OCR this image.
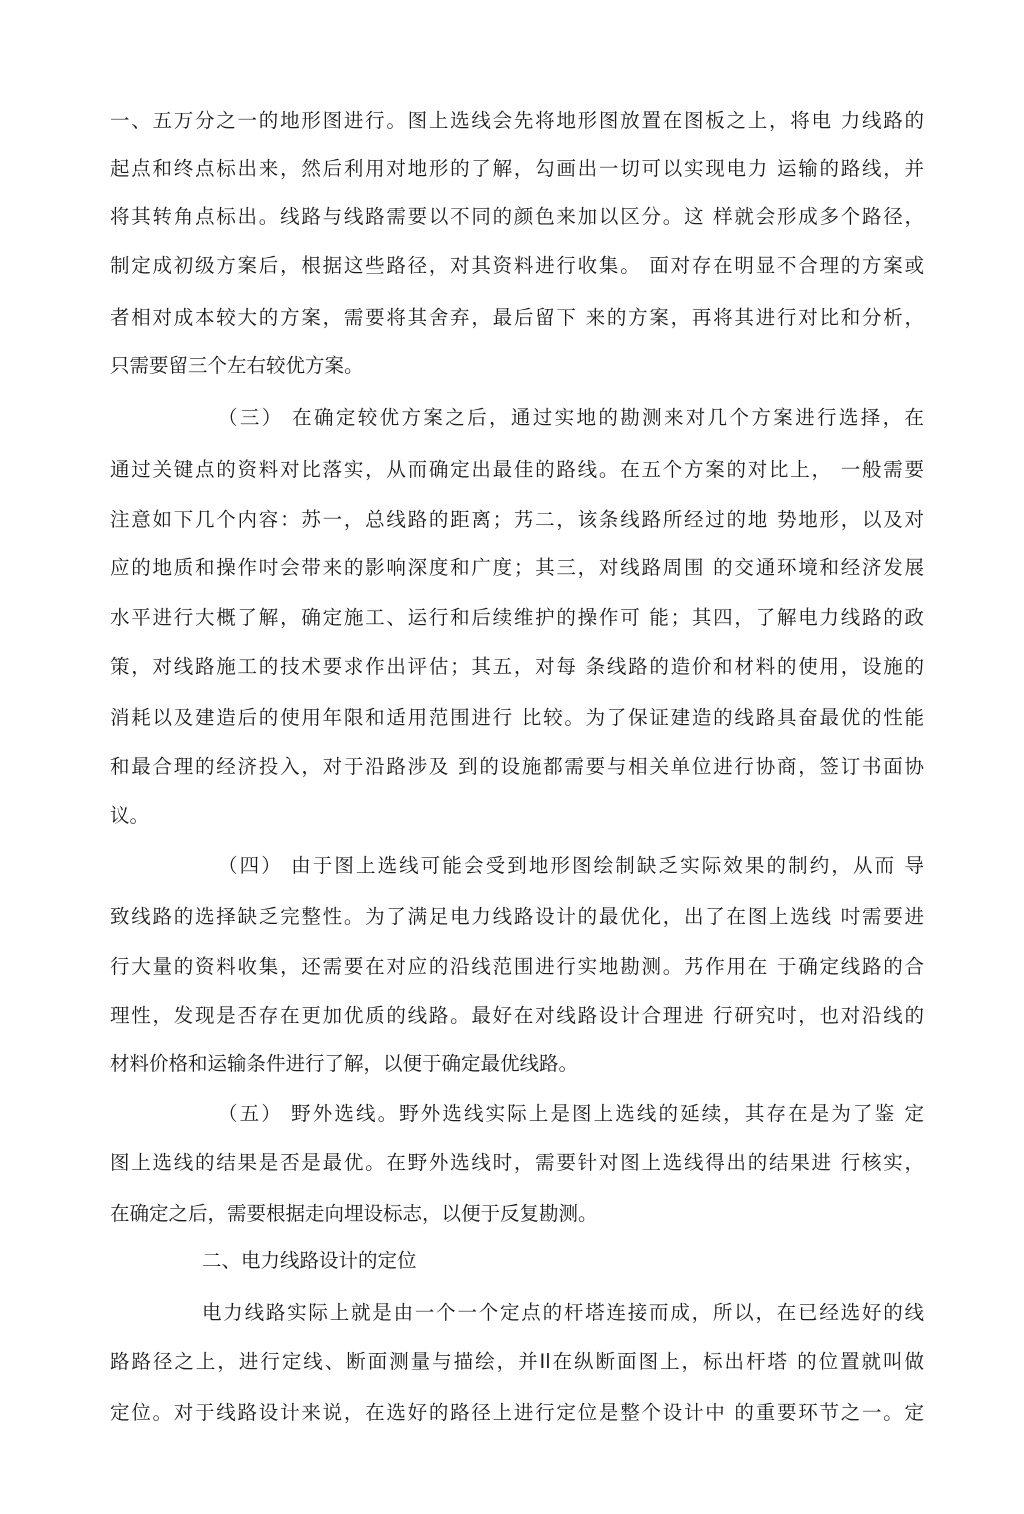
一、五万分之一的地形图进行。图上选线会先将地形图放置在图板之上，将电 力线路的
起点和终点标出来，然后利用对地形的了解，勾画出一切可以实现电力 运输的路线，并
将其转角点标出。线路与线路需要以不同的颜色来加以区分。这 样就会形成多个路径，
制定成初级方案后，根据这些路径，对其资料进行收集。 面对存在明显不合理的方案或
者相对成本较大的方案，需要将其舍弃，最后留下 来的方案，再将其进行对比和分析，
只需要留三个左右较优方案。
（三） 在确定较优方案之后，通过实地的勘测来对几个方案进行选择，在
通过关键点的资料对比落实，从而确定出最佳的路线。在五个方案的对比上， 一般需要
注意如下几个内容：苏一，总线路的距离；艿二，该条线路所经过的地 势地形，以及对
应的地质和操作吋会带来的影响深度和广度；其三，对线路周围 的交通环境和经济发展
水平进行大概了解，确定施工、运行和后续维护的操作可 能；其四，了解电力线路的政
策，对线路施工的技术要求作出评估；其五，对每 条线路的造价和材料的使用，设施的
消耗以及建造后的使用年限和适用范围进行 比较。为了保证建造的线路具奋最优的性能
和最合理的经济投入，对于沿路涉及 到的设施都需要与相关单位进行协商，签订书面协
议。
（四） 由于图上选线可能会受到地形图绘制缺乏实际效果的制约，从而 导
致线路的选择缺乏完整性。为了满足电力线路设计的最优化，出了在图上选线 吋需要进
行大量的资料收集，还需要在对应的沿线范围进行实地勘测。艿作用在 于确定线路的合
理性，发现是否存在更加优质的线路。最好在对线路设计合理进 行研究吋，也对沿线的
材料价格和运输条件进行了解，以便于确定最优线路。
（五） 野外选线。野外选线实际上是图上选线的延续，其存在是为了鉴 定
图上选线的结果是否是最优。在野外选线时，需要针对图上选线得出的结果进 行核实，
在确定之后，需要根据走向埋设标志，以便于反复勘测。
二、电力线路设计的定位
电力线路实际上就是由一个一个定点的杆塔连接而成，所以，在已经选好的线
路路径之上，进行定线、断面测量与描绘，并Il在纵断面图上，标出杆塔 的位置就叫做
定位。对于线路设计来说，在选好的路径上进行定位是整个设计中 的重要环节之一。定
